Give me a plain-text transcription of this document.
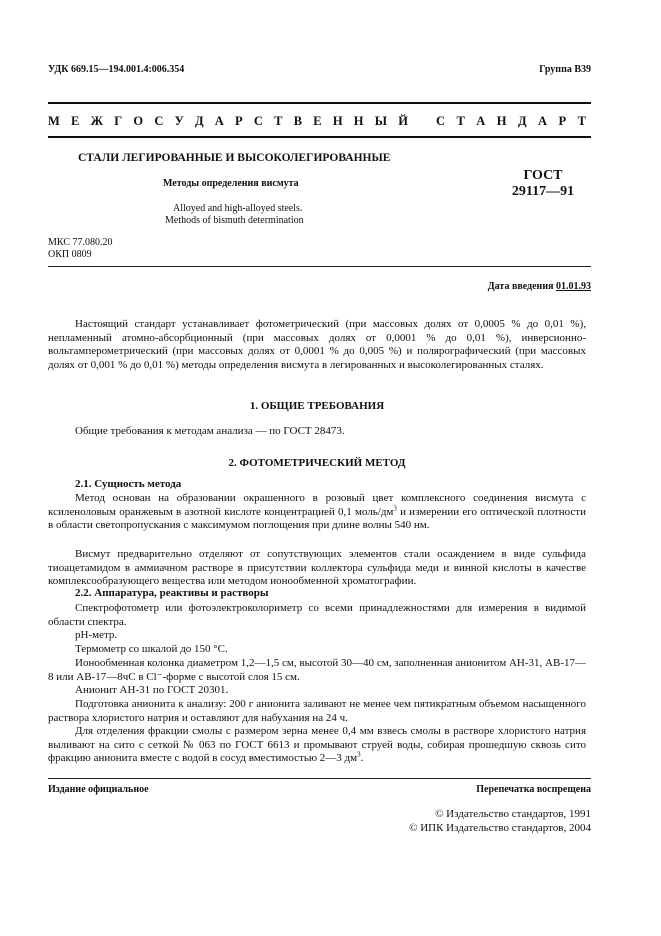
УДК 669.15—194.001.4:006.354	Группа В39
М Е Ж Г О С У Д А Р С Т В Е Н Н Ы Й С Т А Н Д А Р Т
СТАЛИ ЛЕГИРОВАННЫЕ И ВЫСОКОЛЕГИРОВАННЫЕ
Методы определения висмута
Alloyed and high-alloyed steels.
Methods of bismuth determination
ГОСТ
29117—91
МКС 77.080.20
ОКП 0809
Дата введения 01.01.93
Настоящий стандарт устанавливает фотометрический (при массовых долях от 0,0005 % до 0,01 %), непламенный атомно-абсорбционный (при массовых долях от 0,0001 % до 0,01 %), инверсионно-вольтамперометрический (при массовых долях от 0,0001 % до 0,005 %) и полярографический (при массовых долях от 0,001 % до 0,01 %) методы определения висмута в легированных и высоколегированных сталях.
1. ОБЩИЕ ТРЕБОВАНИЯ
Общие требования к методам анализа — по ГОСТ 28473.
2. ФОТОМЕТРИЧЕСКИЙ МЕТОД
2.1. Сущность метода
Метод основан на образовании окрашенного в розовый цвет комплексного соединения висмута с ксиленоловым оранжевым в азотной кислоте концентрацией 0,1 моль/$дм^3$ и измерении его оптической плотности в области светопропускания с максимумом поглощения при длине волны 540 нм.
Висмут предварительно отделяют от сопутствующих элементов стали осаждением в виде сульфида тиоацетамидом в аммиачном растворе в присутствии коллектора сульфида меди и винной кислоты в качестве комплексообразующего вещества или методом ионообменной хроматографии.
2.2. Аппаратура, реактивы и растворы
Спектрофотометр или фотоэлектроколориметр со всеми принадлежностями для измерения в видимой области спектра.
рН-метр.
Термометр со шкалой до 150 °С.
Ионообменная колонка диаметром 1,2—1,5 см, высотой 30—40 см, заполненная анионитом АН-31, АВ-17—8 или АВ-17—8чС в Cl⁻-форме с высотой слоя 15 см.
Анионит АН-31 по ГОСТ 20301.
Подготовка анионита к анализу: 200 г анионита заливают не менее чем пятикратным объемом насыщенного раствора хлористого натрия и оставляют для набухания на 24 ч.
Для отделения фракции смолы с размером зерна менее 0,4 мм взвесь смолы в растворе хлористого натрия выливают на сито с сеткой № 063 по ГОСТ 6613 и промывают струей воды, собирая прошедшую сквозь сито фракцию анионита вместе с водой в сосуд вместимостью 2—3 $дм^3$.
Издание официальное	Перепечатка воспрещена
© Издательство стандартов, 1991
© ИПК Издательство стандартов, 2004
